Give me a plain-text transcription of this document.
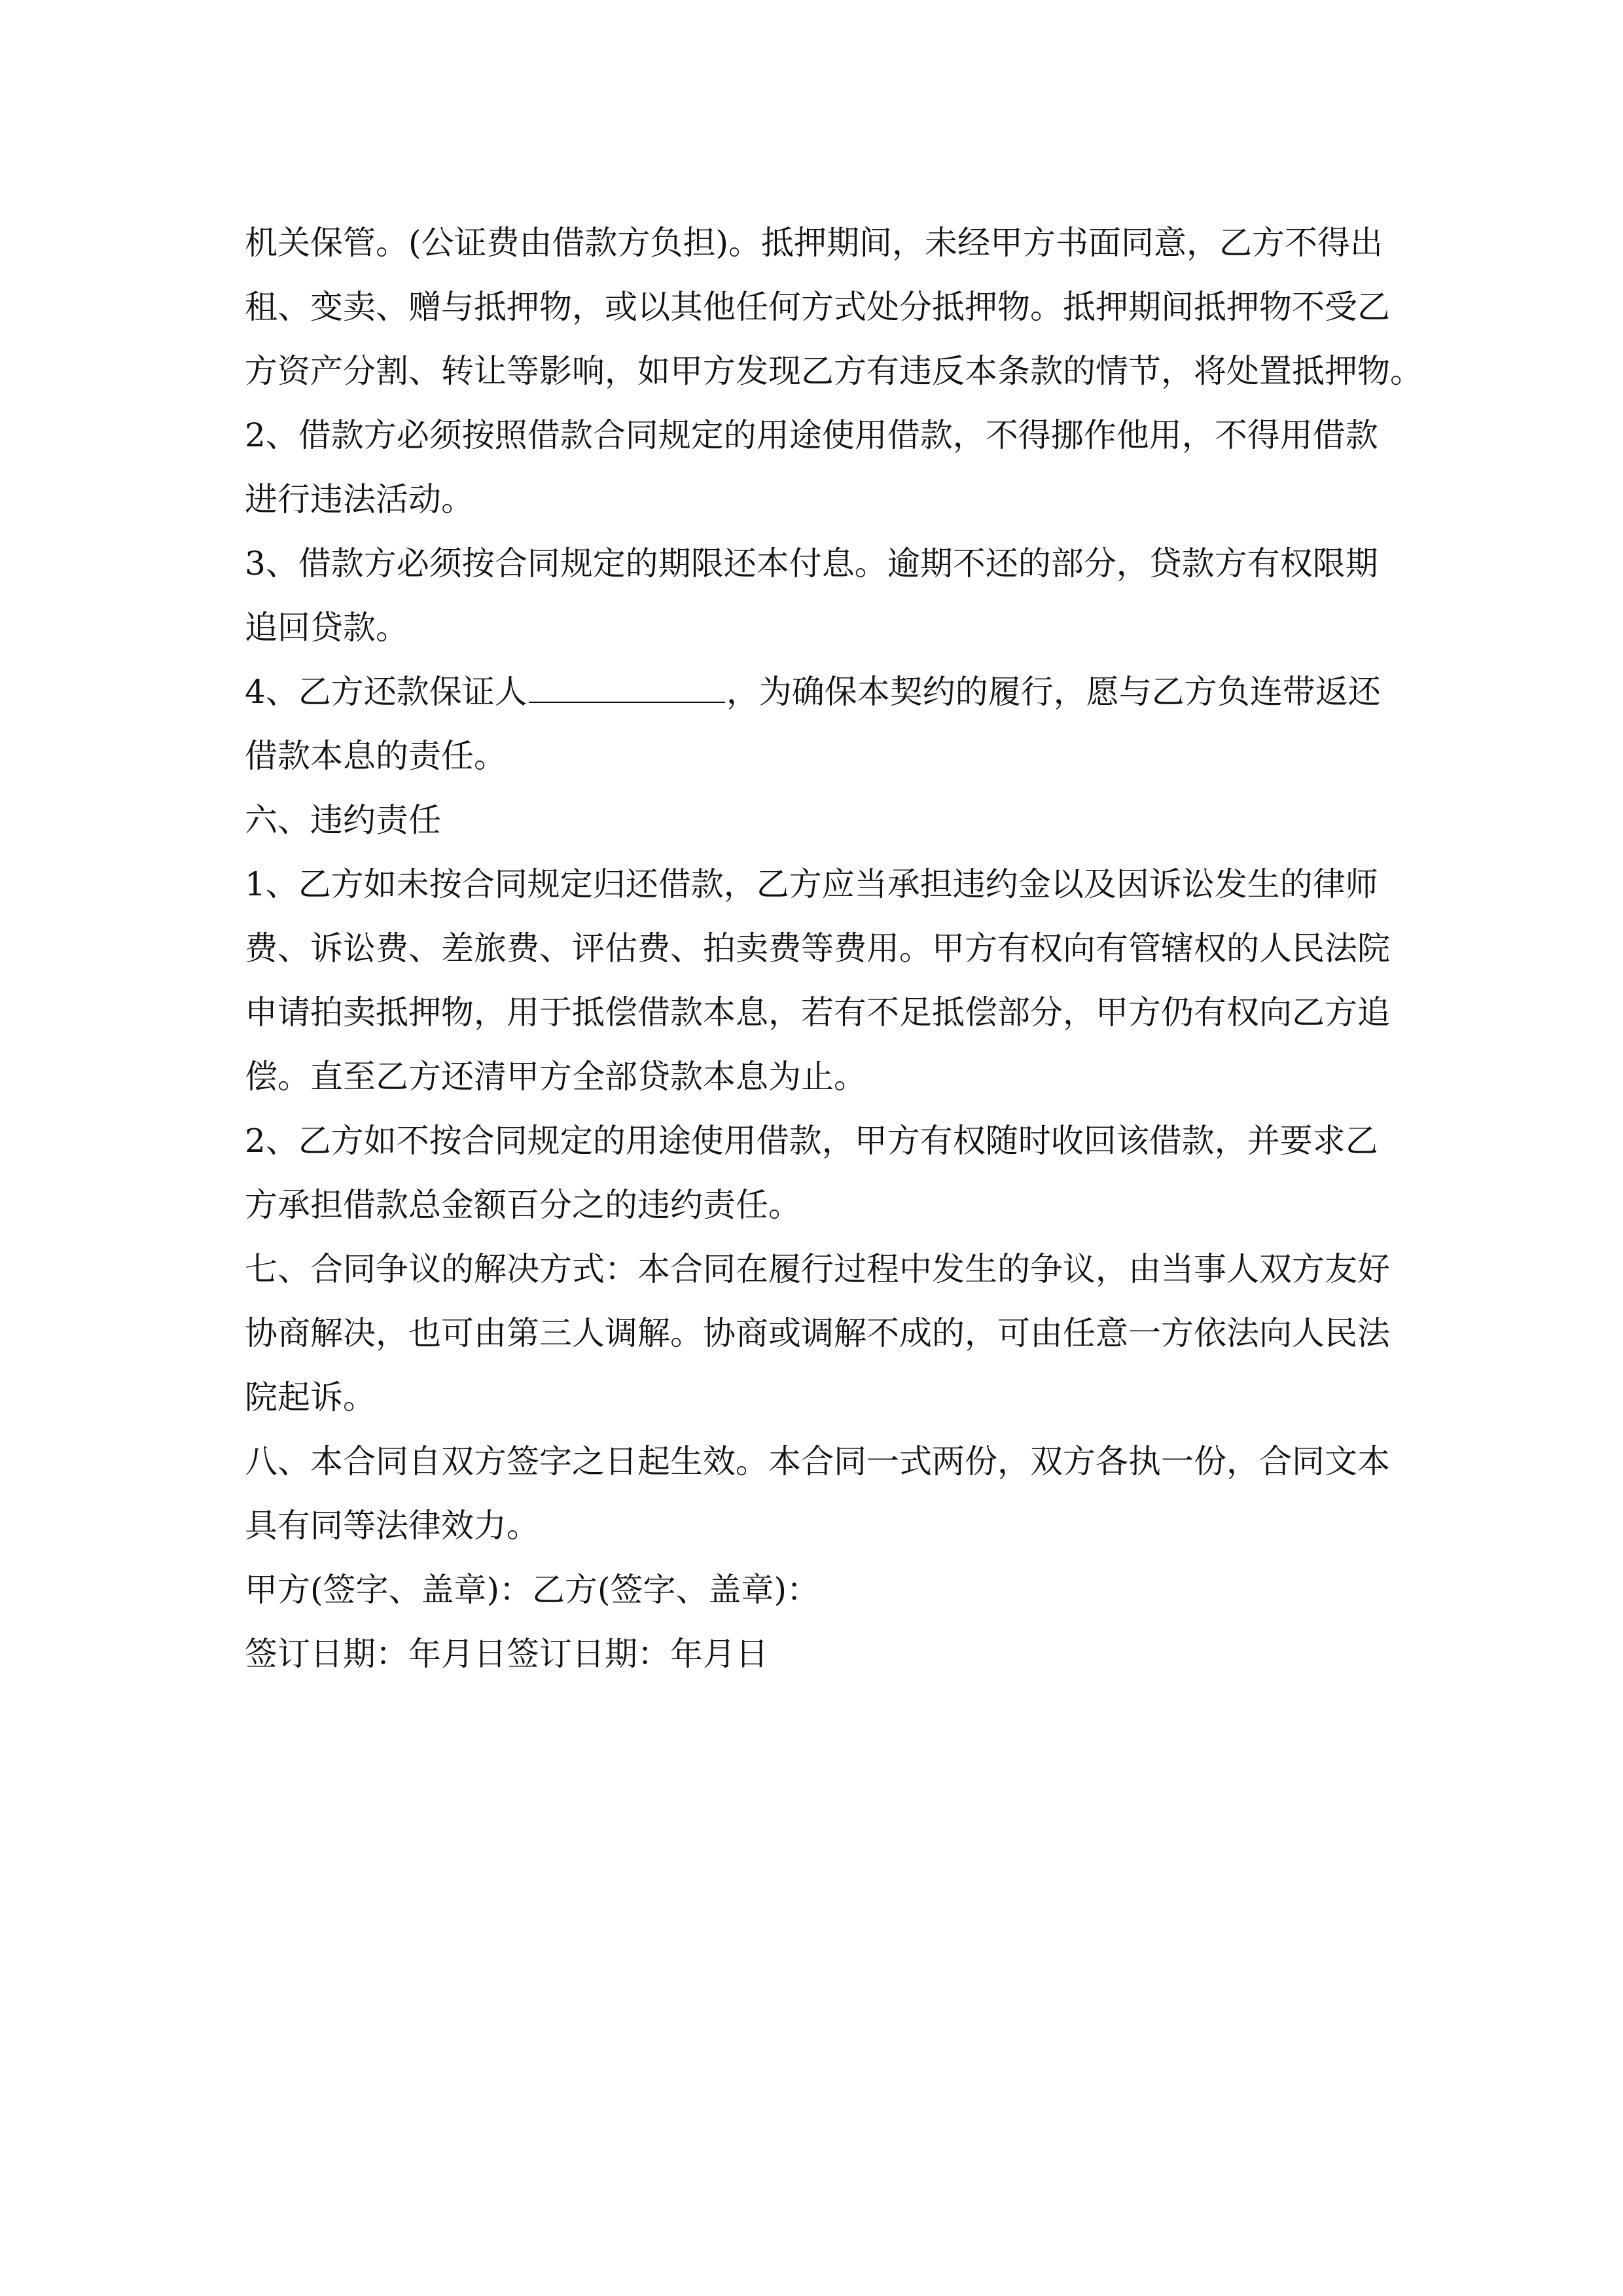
机关保管。(公证费由借款方负担)。抵押期间，未经甲方书面同意，乙方不得出
租、变卖、赠与抵押物，或以其他任何方式处分抵押物。抵押期间抵押物不受乙
方资产分割、转让等影响，如甲方发现乙方有违反本条款的情节，将处置抵押物。
2、借款方必须按照借款合同规定的用途使用借款，不得挪作他用，不得用借款
进行违法活动。
3、借款方必须按合同规定的期限还本付息。逾期不还的部分，贷款方有权限期
追回贷款。
4、乙方还款保证人	，为确保本契约的履行，愿与乙方负连带返还
借款本息的责任。
六、违约责任
1、乙方如未按合同规定归还借款，乙方应当承担违约金以及因诉讼发生的律师
费、诉讼费、差旅费、评估费、拍卖费等费用。甲方有权向有管辖权的人民法院
申请拍卖抵押物，用于抵偿借款本息，若有不足抵偿部分，甲方仍有权向乙方追
偿。直至乙方还清甲方全部贷款本息为止。
2、乙方如不按合同规定的用途使用借款，甲方有权随时收回该借款，并要求乙
方承担借款总金额百分之的违约责任。
七、合同争议的解决方式：本合同在履行过程中发生的争议，由当事人双方友好
协商解决，也可由第三人调解。协商或调解不成的，可由任意一方依法向人民法
院起诉。
八、本合同自双方签字之日起生效。本合同一式两份，双方各执一份，合同文本
具有同等法律效力。
甲方(签字、盖章)：乙方(签字、盖章)：
签订日期：年月日签订日期：年月日
